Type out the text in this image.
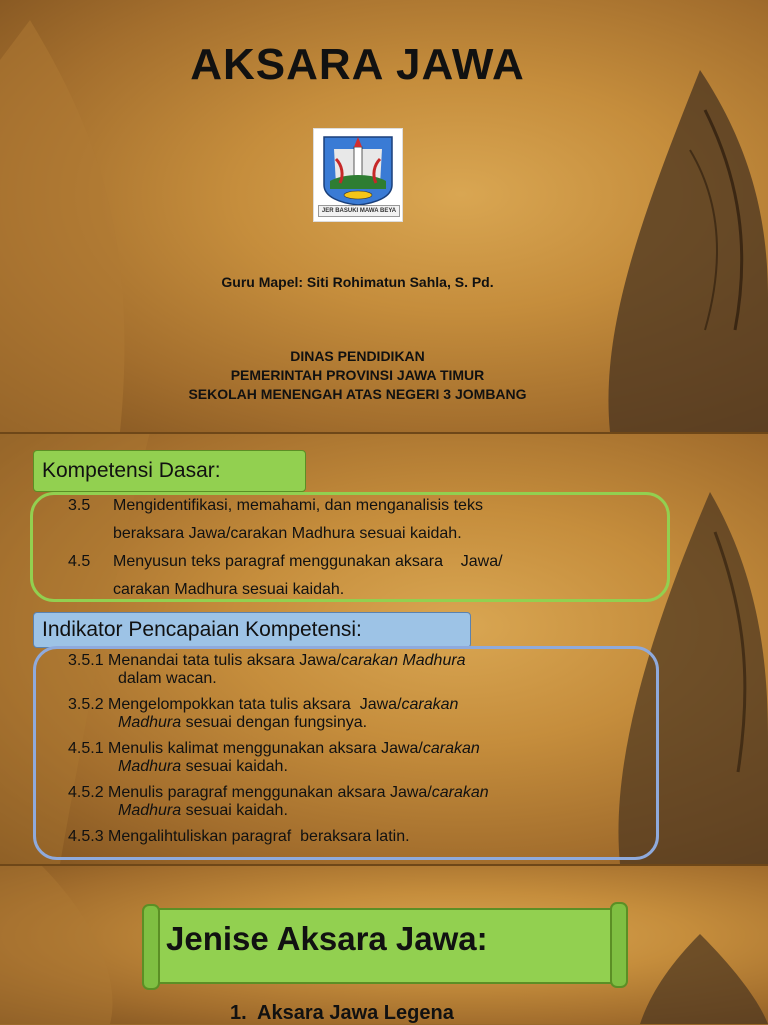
AKSARA JAWA
JER BASUKI MAWA BEYA
Guru Mapel: Siti Rohimatun Sahla, S. Pd.
DINAS PENDIDIKAN
PEMERINTAH PROVINSI JAWA TIMUR
SEKOLAH MENENGAH ATAS NEGERI 3 JOMBANG
Kompetensi Dasar:
3.5	Mengidentifikasi, memahami, dan menganalisis teks
beraksara Jawa/carakan Madhura sesuai kaidah.
4.5	Menyusun teks paragraf menggunakan aksara    Jawa/
carakan Madhura sesuai kaidah.
Indikator Pencapaian Kompetensi:
3.5.1 Menandai tata tulis aksara Jawa/carakan Madhura
dalam wacan.
3.5.2 Mengelompokkan tata tulis aksara  Jawa/carakan
Madhura sesuai dengan fungsinya.
4.5.1 Menulis kalimat menggunakan aksara Jawa/carakan
Madhura sesuai kaidah.
4.5.2 Menulis paragraf menggunakan aksara Jawa/carakan
Madhura sesuai kaidah.
4.5.3 Mengalihtuliskan paragraf  beraksara latin.
Jenise Aksara Jawa:
1.  Aksara Jawa Legena
